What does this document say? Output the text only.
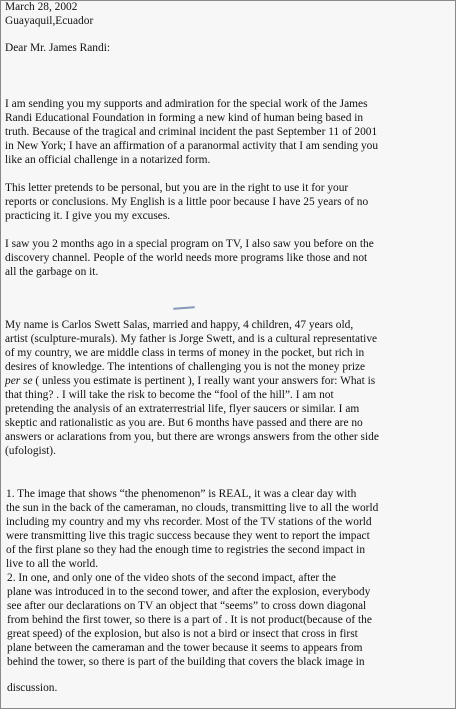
March 28, 2002
Guayaquil,Ecuador
Dear Mr. James Randi:
I am sending you my supports and admiration for the special work of the James
Randi Educational Foundation in forming a new kind of human being based in
truth. Because of the tragical and criminal incident the past September 11 of 2001
in New York; I have an affirmation of a paranormal activity that I am sending you
like an official challenge in a notarized form.
This letter pretends to be personal, but you are in the right to use it for your
reports or conclusions. My English is a little poor because I have 25 years of no
practicing it. I give you my excuses.
I saw you 2 months ago in a special program on TV, I also saw you before on the
discovery channel. People of the world needs more programs like those and not
all the garbage on it.
My name is Carlos Swett Salas, married and happy, 4 children, 47 years old,
artist (sculpture-murals). My father is Jorge Swett, and is a cultural representative
of my country, we are middle class in terms of money in the pocket, but rich in
desires of knowledge. The intentions of challenging you is not the money prize
per se ( unless you estimate is pertinent ), I really want your answers for: What is
that thing? . I will take the risk to become the “fool of the hill”. I am not
pretending the analysis of an extraterrestrial life, flyer saucers or similar. I am
skeptic and rationalistic as you are. But 6 months have passed and there are no
answers or aclarations from you, but there are wrongs answers from the other side
(ufologist).
1. The image that shows “the phenomenon” is REAL, it was a clear day with
the sun in the back of the cameraman, no clouds, transmitting live to all the world
including my country and my vhs recorder. Most of the TV stations of the world
were transmitting live this tragic success because they went to report the impact
of the first plane so they had the enough time to registries the second impact in
live to all the world.
2. In one, and only one of the video shots of the second impact, after the
plane was introduced in to the second tower, and after the explosion, everybody
see after our declarations on TV an object that “seems” to cross down diagonal
from behind the first tower, so there is a part of . It is not product(because of the
great speed) of the explosion, but also is not a bird or insect that cross in first
plane between the cameraman and the tower because it seems to appears from
behind the tower, so there is part of the building that covers the black image in
discussion.
